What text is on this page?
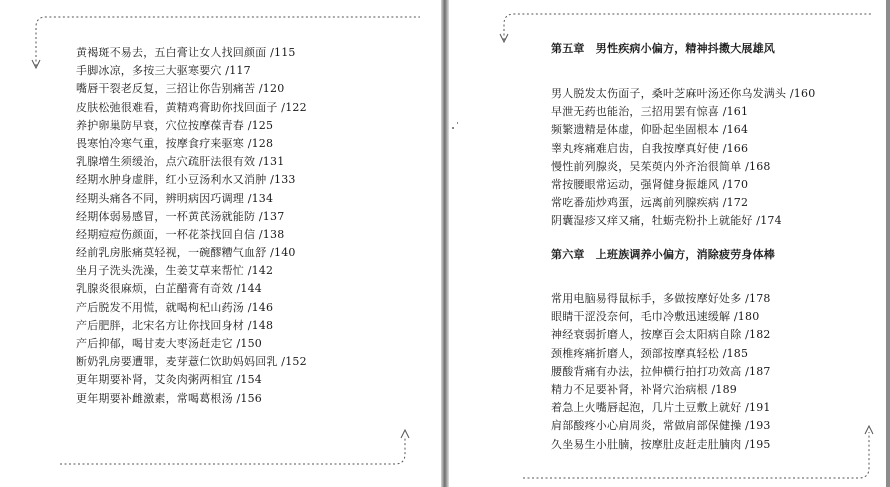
黄褐斑不易去，五白膏让女人找回颜面 /115
手脚冰凉，多按三大驱寒要穴 /117
嘴唇干裂老反复，三招让你告别痛苦 /120
皮肤松弛很难看，黄精鸡膏助你找回面子 /122
养护卵巢防早衰，穴位按摩葆青春 /125
畏寒怕冷寒气重，按摩食疗来驱寒 /128
乳腺增生须缓治，点穴疏肝法很有效 /131
经期水肿身虚胖，红小豆汤利水又消肿 /133
经期头痛各不同，辨明病因巧调理 /134
经期体弱易感冒，一杯黄芪汤就能防 /137
经期痘痘伤颜面，一杯花茶找回自信 /138
经前乳房胀痛莫轻视，一碗醪糟气血舒 /140
坐月子洗头洗澡，生姜艾草来帮忙 /142
乳腺炎很麻烦，白芷醋膏有奇效 /144
产后脱发不用慌，就喝枸杞山药汤 /146
产后肥胖，北宋名方让你找回身材 /148
产后抑郁，喝甘麦大枣汤赶走它 /150
断奶乳房要遭罪，麦芽薏仁饮助妈妈回乳 /152
更年期要补肾，艾灸肉粥两相宜 /154
更年期要补雌激素，常喝葛根汤 /156
第五章　男性疾病小偏方，精神抖擞大展雄风
男人脱发太伤面子，桑叶芝麻叶汤还你乌发满头 /160
早泄无药也能治，三招用罢有惊喜 /161
频繁遗精是体虚，仰卧起坐固根本 /164
睾丸疼痛难启齿，自我按摩真好使 /166
慢性前列腺炎，吴茱萸内外齐治很简单 /168
常按腰眼常运动，强肾健身振雄风 /170
常吃番茄炒鸡蛋，远离前列腺疾病 /172
阴囊湿疹又痒又痛，牡蛎壳粉扑上就能好 /174
第六章　上班族调养小偏方，消除疲劳身体棒
常用电脑易得鼠标手，多做按摩好处多 /178
眼睛干涩没奈何，毛巾冷敷迅速缓解 /180
神经衰弱折磨人，按摩百会太阳病自除 /182
颈椎疼痛折磨人，颈部按摩真轻松 /185
腰酸背痛有办法，拉伸横行拍打功效高 /187
精力不足要补肾，补肾穴治病根 /189
着急上火嘴唇起泡，几片土豆敷上就好 /191
肩部酸疼小心肩周炎，常做肩部保健操 /193
久坐易生小肚腩，按摩肚皮赶走肚腩肉 /195
